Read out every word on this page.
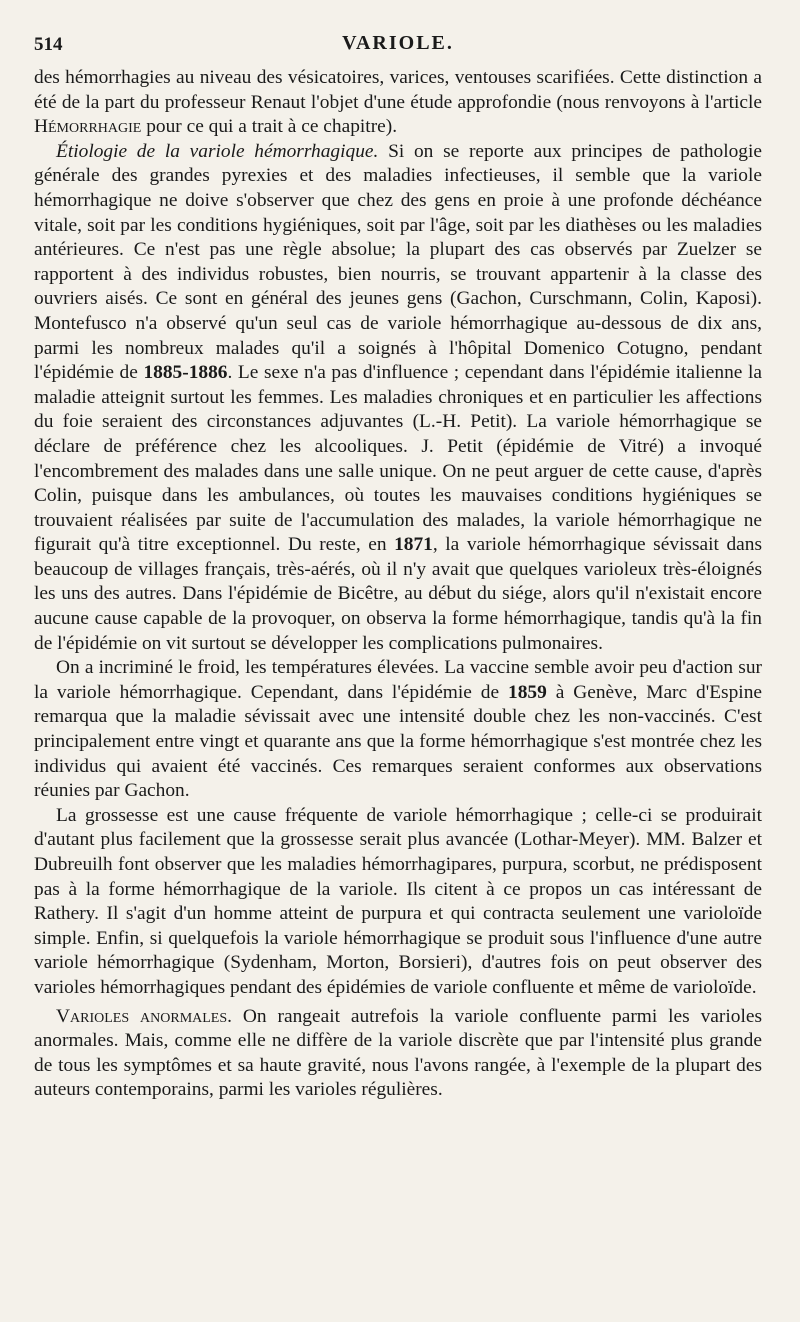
514	VARIOLE.

des hémorrhagies au niveau des vésicatoires, varices, ventouses scarifiées. Cette distinction a été de la part du professeur Renaut l'objet d'une étude approfondie (nous renvoyons à l'article Hémorrhagie pour ce qui a trait à ce chapitre).

Étiologie de la variole hémorrhagique. Si on se reporte aux principes de pathologie générale des grandes pyrexies et des maladies infectieuses, il semble que la variole hémorrhagique ne doive s'observer que chez des gens en proie à une profonde déchéance vitale, soit par les conditions hygiéniques, soit par l'âge, soit par les diathèses ou les maladies antérieures. Ce n'est pas une règle absolue; la plupart des cas observés par Zuelzer se rapportent à des individus robustes, bien nourris, se trouvant appartenir à la classe des ouvriers aisés. Ce sont en général des jeunes gens (Gachon, Curschmann, Colin, Kaposi). Montefusco n'a observé qu'un seul cas de variole hémorrhagique au-dessous de dix ans, parmi les nombreux malades qu'il a soignés à l'hôpital Domenico Cotugno, pendant l'épidémie de 1885-1886. Le sexe n'a pas d'influence ; cependant dans l'épidémie italienne la maladie atteignit surtout les femmes. Les maladies chroniques et en particulier les affections du foie seraient des circonstances adjuvantes (L.-H. Petit). La variole hémorrhagique se déclare de préférence chez les alcooliques. J. Petit (épidémie de Vitré) a invoqué l'encombrement des malades dans une salle unique. On ne peut arguer de cette cause, d'après Colin, puisque dans les ambulances, où toutes les mauvaises conditions hygiéniques se trouvaient réalisées par suite de l'accumulation des malades, la variole hémorrhagique ne figurait qu'à titre exceptionnel. Du reste, en 1871, la variole hémorrhagique sévissait dans beaucoup de villages français, très-aérés, où il n'y avait que quelques varioleux très-éloignés les uns des autres. Dans l'épidémie de Bicêtre, au début du siége, alors qu'il n'existait encore aucune cause capable de la provoquer, on observa la forme hémorrhagique, tandis qu'à la fin de l'épidémie on vit surtout se développer les complications pulmonaires.

On a incriminé le froid, les températures élevées. La vaccine semble avoir peu d'action sur la variole hémorrhagique. Cependant, dans l'épidémie de 1859 à Genève, Marc d'Espine remarqua que la maladie sévissait avec une intensité double chez les non-vaccinés. C'est principalement entre vingt et quarante ans que la forme hémorrhagique s'est montrée chez les individus qui avaient été vaccinés. Ces remarques seraient conformes aux observations réunies par Gachon.

La grossesse est une cause fréquente de variole hémorrhagique ; celle-ci se produirait d'autant plus facilement que la grossesse serait plus avancée (Lothar-Meyer). MM. Balzer et Dubreuilh font observer que les maladies hémorrhagipares, purpura, scorbut, ne prédisposent pas à la forme hémorrhagique de la variole. Ils citent à ce propos un cas intéressant de Rathery. Il s'agit d'un homme atteint de purpura et qui contracta seulement une varioloïde simple. Enfin, si quelquefois la variole hémorrhagique se produit sous l'influence d'une autre variole hémorrhagique (Sydenham, Morton, Borsieri), d'autres fois on peut observer des varioles hémorrhagiques pendant des épidémies de variole confluente et même de varioloïde.

Varioles anormales. On rangeait autrefois la variole confluente parmi les varioles anormales. Mais, comme elle ne diffère de la variole discrète que par l'intensité plus grande de tous les symptômes et sa haute gravité, nous l'avons rangée, à l'exemple de la plupart des auteurs contemporains, parmi les varioles régulières.
